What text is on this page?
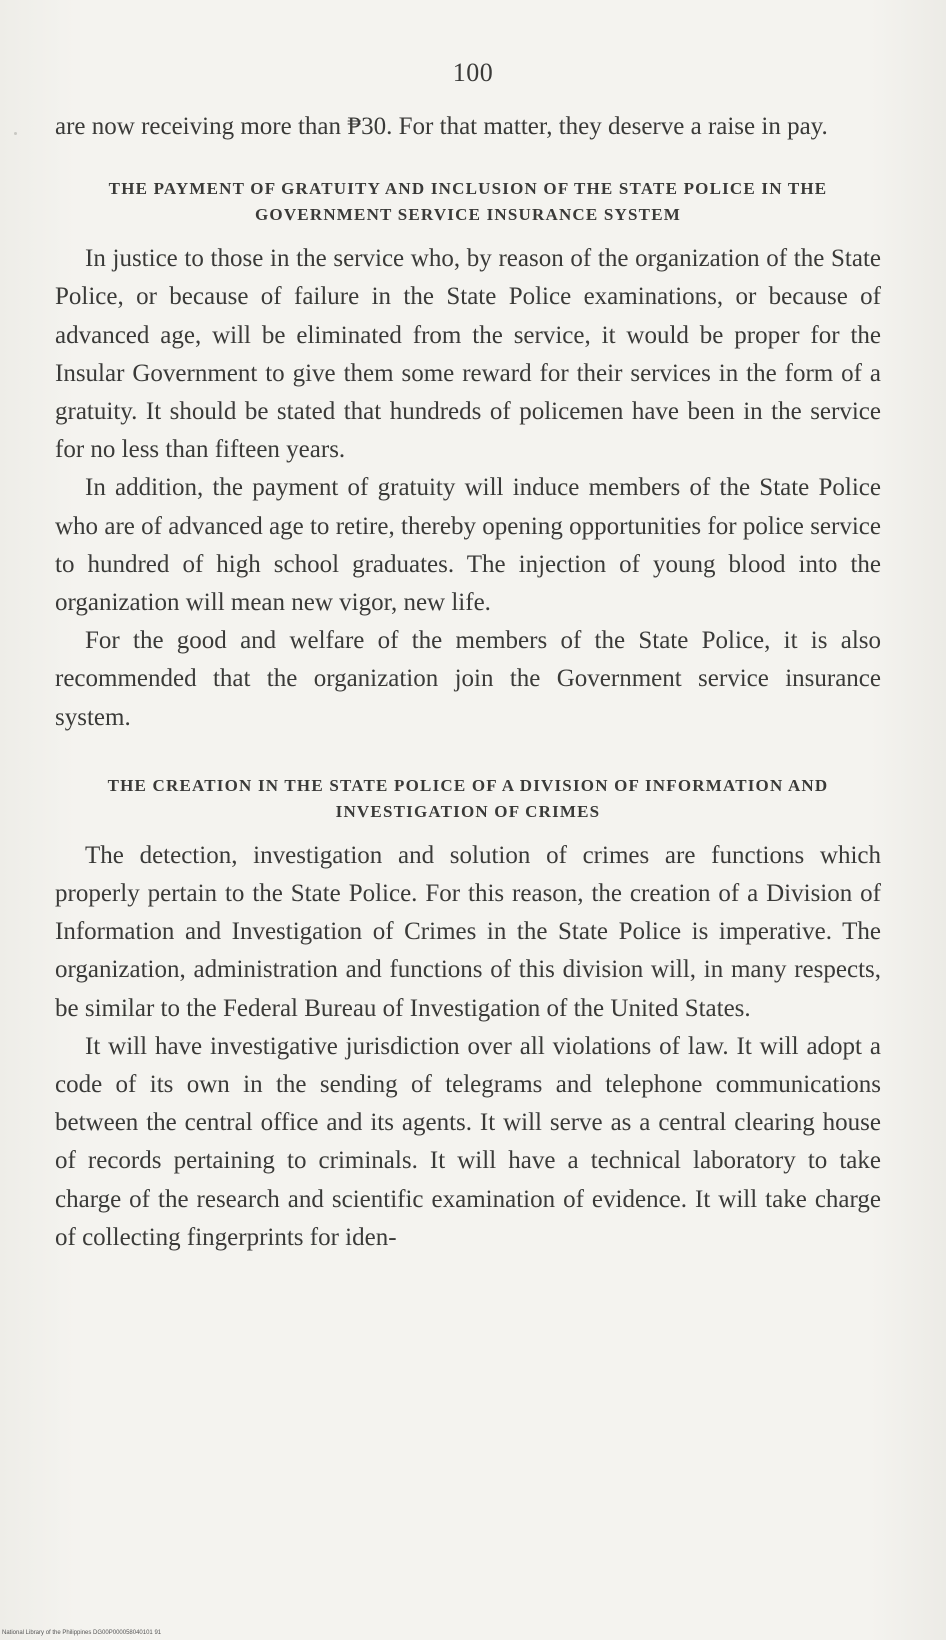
100

are now receiving more than ₱30. For that matter, they deserve a raise in pay.

THE PAYMENT OF GRATUITY AND INCLUSION OF THE STATE POLICE IN THE GOVERNMENT SERVICE INSURANCE SYSTEM

In justice to those in the service who, by reason of the organization of the State Police, or because of failure in the State Police examinations, or because of advanced age, will be eliminated from the service, it would be proper for the Insular Government to give them some reward for their services in the form of a gratuity. It should be stated that hundreds of policemen have been in the service for no less than fifteen years.

In addition, the payment of gratuity will induce members of the State Police who are of advanced age to retire, thereby opening opportunities for police service to hundred of high school graduates. The injection of young blood into the organization will mean new vigor, new life.

For the good and welfare of the members of the State Police, it is also recommended that the organization join the Government service insurance system.

THE CREATION IN THE STATE POLICE OF A DIVISION OF INFORMATION AND INVESTIGATION OF CRIMES

The detection, investigation and solution of crimes are functions which properly pertain to the State Police. For this reason, the creation of a Division of Information and Investigation of Crimes in the State Police is imperative. The organization, administration and functions of this division will, in many respects, be similar to the Federal Bureau of Investigation of the United States.

It will have investigative jurisdiction over all violations of law. It will adopt a code of its own in the sending of telegrams and telephone communications between the central office and its agents. It will serve as a central clearing house of records pertaining to criminals. It will have a technical laboratory to take charge of the research and scientific examination of evidence. It will take charge of collecting fingerprints for iden-

National Library of the Philippines DG00P000058040101 91
